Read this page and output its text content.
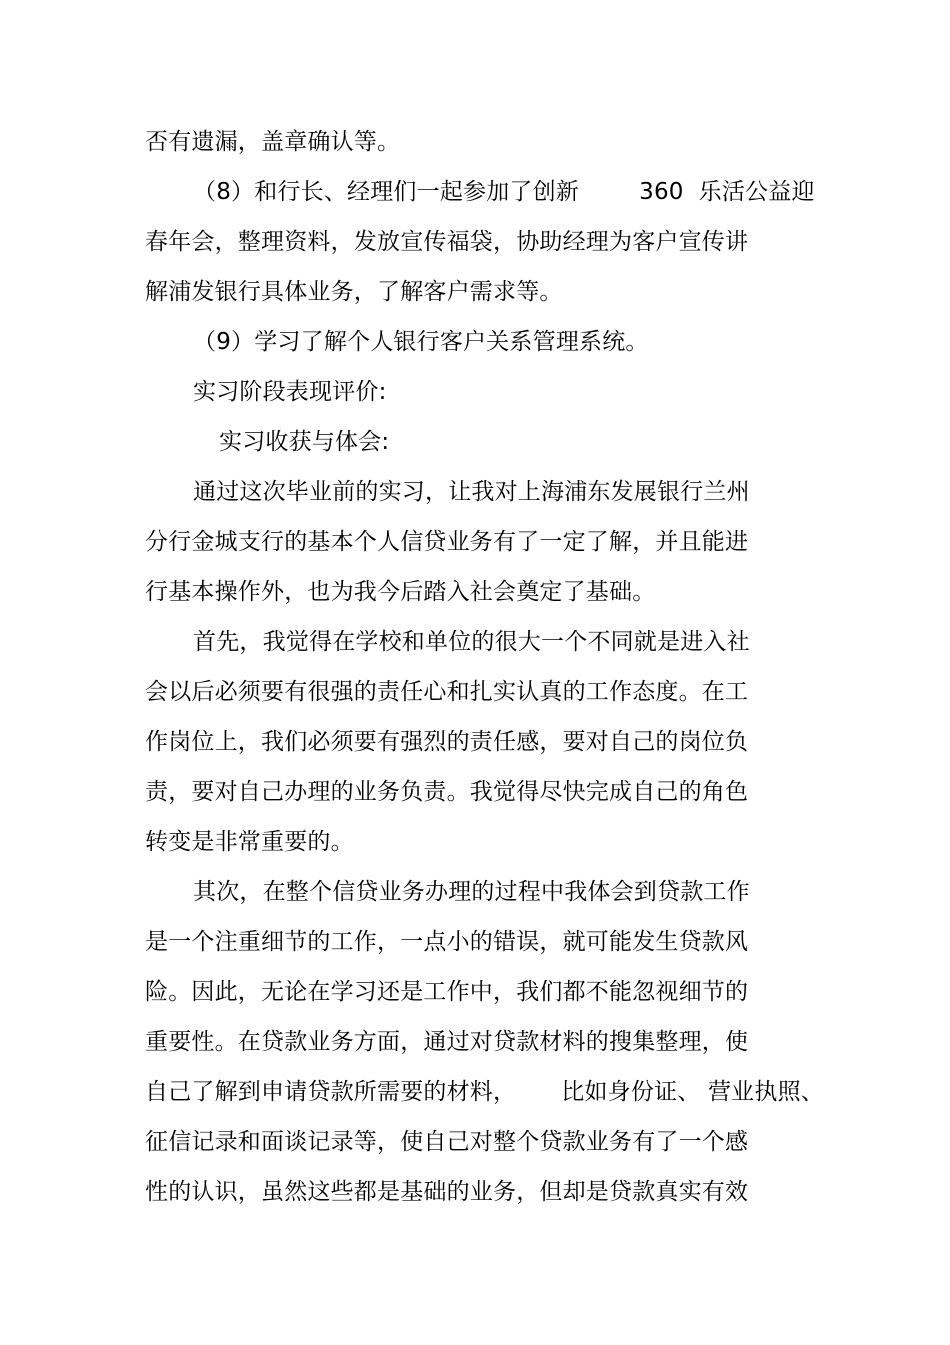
否有遗漏，盖章确认等。
（8）和行长、经理们一起参加了创新        360  乐活公益迎
春年会，整理资料，发放宣传福袋，协助经理为客户宣传讲
解浦发银行具体业务，了解客户需求等。
（9）学习了解个人银行客户关系管理系统。
实习阶段表现评价:
实习收获与体会:
通过这次毕业前的实习，让我对上海浦东发展银行兰州
分行金城支行的基本个人信贷业务有了一定了解，并且能进
行基本操作外，也为我今后踏入社会奠定了基础。
首先，我觉得在学校和单位的很大一个不同就是进入社
会以后必须要有很强的责任心和扎实认真的工作态度。在工
作岗位上，我们必须要有强烈的责任感，要对自己的岗位负
责，要对自己办理的业务负责。我觉得尽快完成自己的角色
转变是非常重要的。
其次，在整个信贷业务办理的过程中我体会到贷款工作
是一个注重细节的工作，一点小的错误，就可能发生贷款风
险。因此，无论在学习还是工作中，我们都不能忽视细节的
重要性。在贷款业务方面，通过对贷款材料的搜集整理，使
自己了解到申请贷款所需要的材料，      比如身份证、 营业执照、
征信记录和面谈记录等，使自己对整个贷款业务有了一个感
性的认识，虽然这些都是基础的业务，但却是贷款真实有效
